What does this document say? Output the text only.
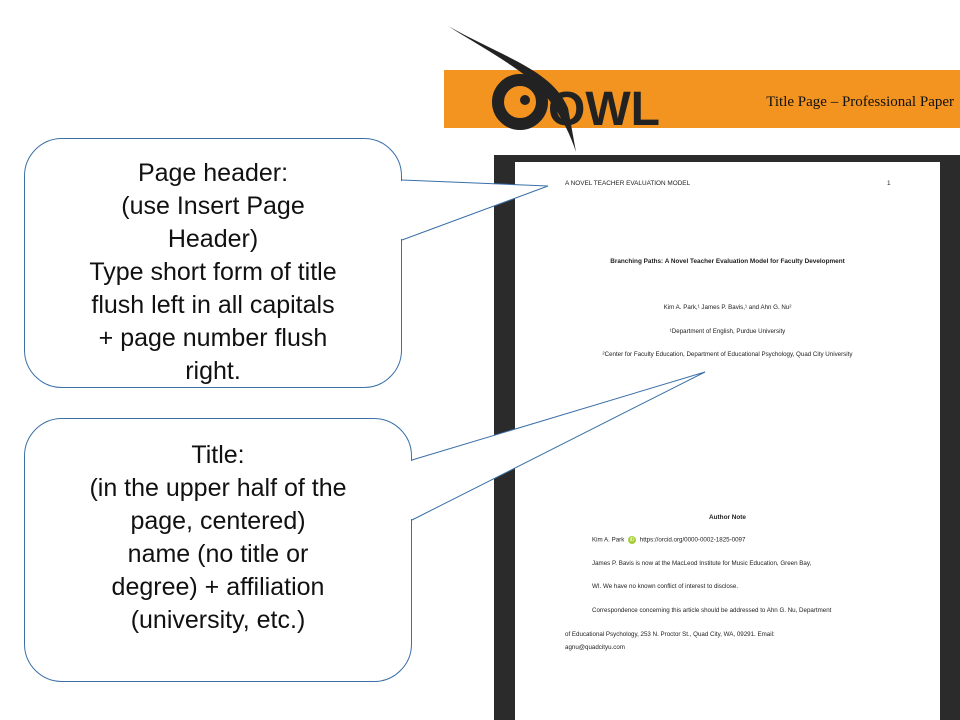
Title Page – Professional Paper
OWL
A NOVEL TEACHER EVALUATION MODEL	1
Branching Paths: A Novel Teacher Evaluation Model for Faculty Development
Kim A. Park,¹ James P. Bavis,¹ and Ahn G. Nu²
¹Department of English, Purdue University
²Center for Faculty Education, Department of Educational Psychology, Quad City University
Author Note
Kim A. Park iD https://orcid.org/0000-0002-1825-0097
James P. Bavis is now at the MacLeod Institute for Music Education, Green Bay,
WI. We have no known conflict of interest to disclose.
Correspondence concerning this article should be addressed to Ahn G. Nu, Department
of Educational Psychology, 253 N. Proctor St., Quad City, WA, 09291. Email:
agnu@quadcityu.com
Page header:
(use Insert Page
Header)
Type short form of title
flush left in all capitals
+ page number flush
right.
Title:
(in the upper half of the
page, centered)
name (no title or
degree) + affiliation
(university, etc.)
